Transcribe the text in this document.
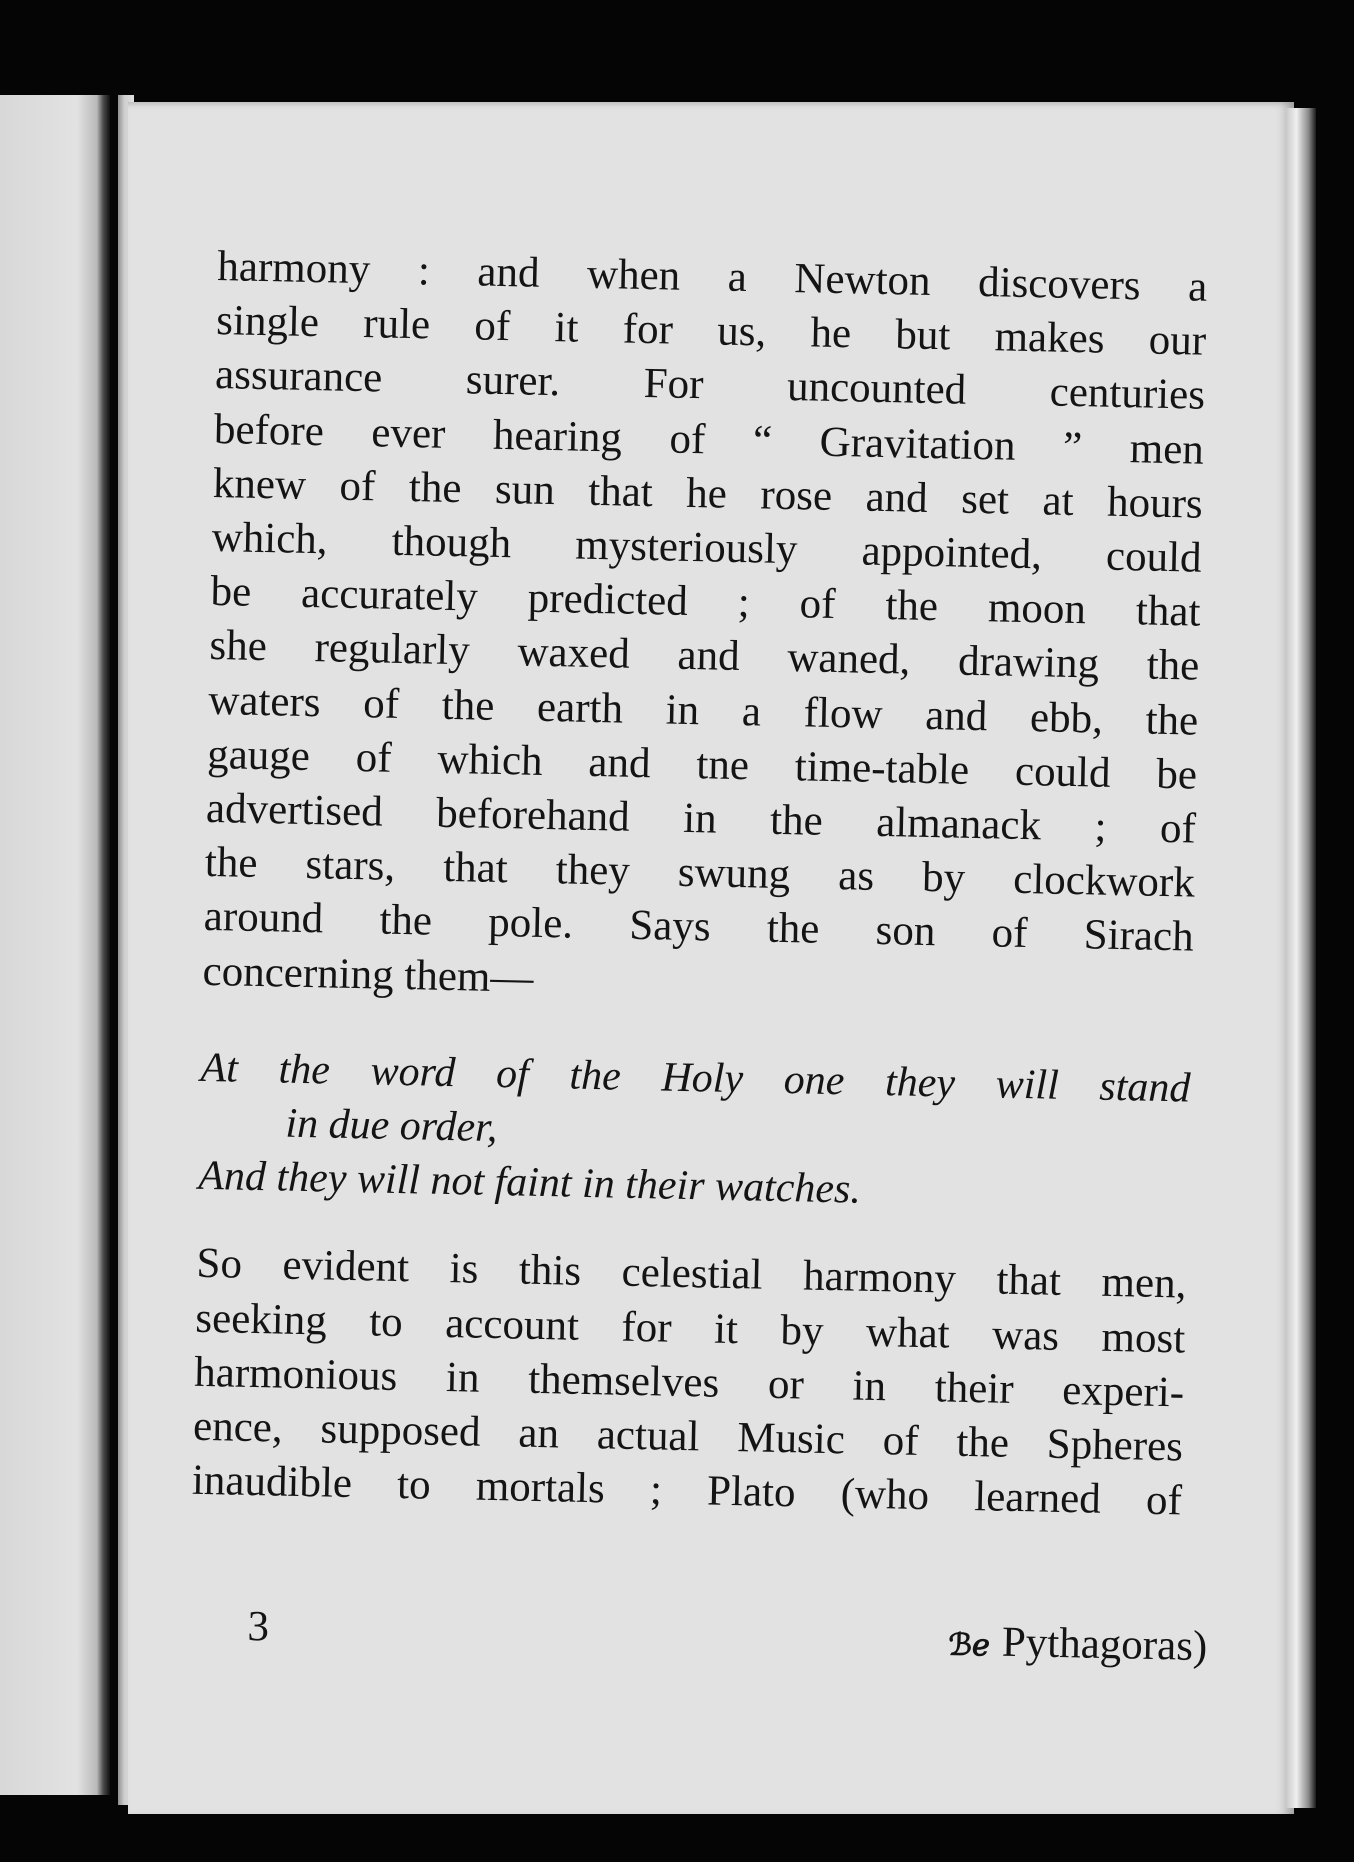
harmony : and when a Newton discovers a
single rule of it for us, he but makes our
assurance surer. For uncounted centuries
before ever hearing of “ Gravitation ” men
knew of the sun that he rose and set at hours
which, though mysteriously appointed, could
be accurately predicted ; of the moon that
she regularly waxed and waned, drawing the
waters of the earth in a flow and ebb, the
gauge of which and tne time-table could be
advertised beforehand in the almanack ; of
the stars, that they swung as by clockwork
around the pole. Says the son of Sirach
concerning them—

At the word of the Holy one they will stand
in due order,
And they will not faint in their watches.

So evident is this celestial harmony that men,
seeking to account for it by what was most
harmonious in themselves or in their experi-
ence, supposed an actual Music of the Spheres
inaudible to mortals ; Plato (who learned of

3	ℬℯ Pythagoras)
